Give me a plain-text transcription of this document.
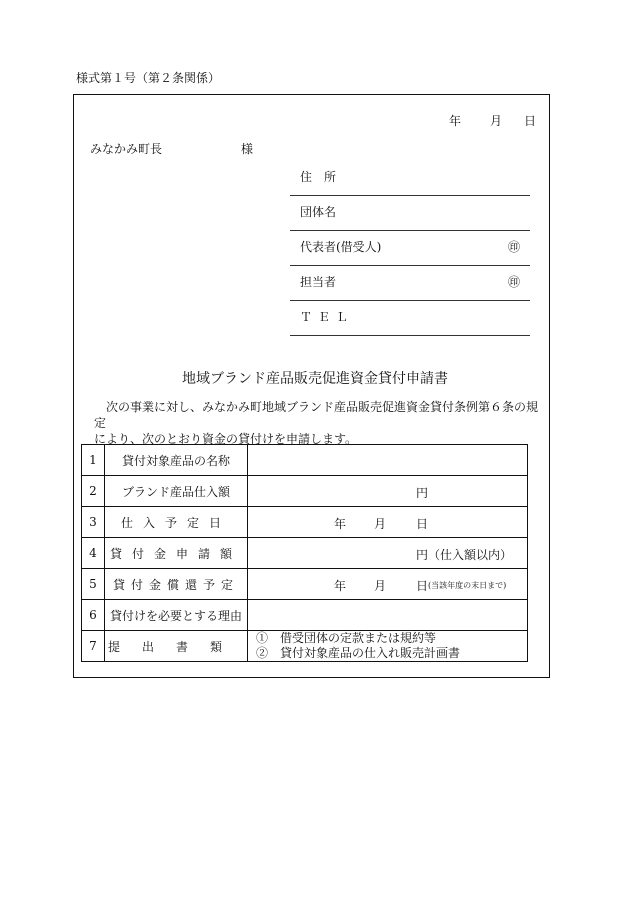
様式第１号（第２条関係）
年 月 日
みなかみ町長	様
住　所
団体名
代表者(借受人)	㊞
担当者	㊞
ＴＥＬ
地域ブランド産品販売促進資金貸付申請書
次の事業に対し、みなかみ町地域ブランド産品販売促進資金貸付条例第６条の規定
により、次のとおり資金の貸付けを申請します。
1	貸付対象産品の名称	
2	ブランド産品仕入額	円

3	仕入予定日	年 月 日

4	貸付金申請額	円（仕入額以内）

5	貸付金償還予定	年 月 日 (当該年度の末日まで)

6	貸付けを必要とする理由	
7	提出書類	①　借受団体の定款または規約等
②　貸付対象産品の仕入れ販売計画書
